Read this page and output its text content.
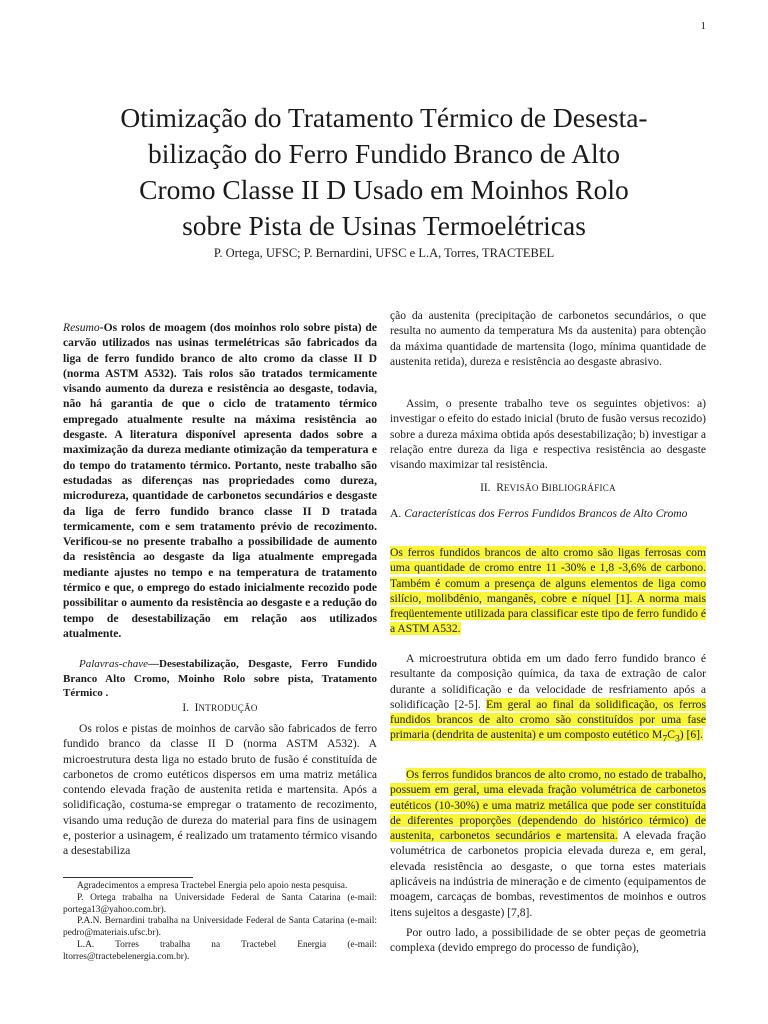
1
Otimização do Tratamento Térmico de Desesta-
bilização do Ferro Fundido Branco de Alto
Cromo Classe II D Usado em Moinhos Rolo
sobre Pista de Usinas Termoelétricas
P. Ortega, UFSC; P. Bernardini, UFSC e L.A, Torres, TRACTEBEL

Resumo-Os rolos de moagem (dos moinhos rolo sobre pista) de carvão utilizados nas usinas termelétricas são fabricados da liga de ferro fundido branco de alto cromo da classe II D (norma ASTM A532). Tais rolos são tratados termicamente visando aumento da dureza e resistência ao desgaste, todavia, não há garantia de que o ciclo de tratamento térmico empregado atualmente resulte na máxima resistência ao desgaste. A literatura disponível apresenta dados sobre a maximização da dureza mediante otimização da temperatura e do tempo do tratamento térmico. Portanto, neste trabalho são estudadas as diferenças nas propriedades como dureza, microdureza, quantidade de carbonetos secundários e desgaste da liga de ferro fundido branco classe II D tratada termicamente, com e sem tratamento prévio de recozimento. Verificou-se no presente trabalho a possibilidade de aumento da resistência ao desgaste da liga atualmente empregada mediante ajustes no tempo e na temperatura de tratamento térmico e que, o emprego do estado inicialmente recozido pode possibilitar o aumento da resistência ao desgaste e a redução do tempo de desestabilização em relação aos utilizados atualmente.

Palavras-chave—Desestabilização, Desgaste, Ferro Fundido Branco Alto Cromo, Moinho Rolo sobre pista, Tratamento Térmico .

I. INTRODUÇÃO

Os rolos e pistas de moinhos de carvão são fabricados de ferro fundido branco da classe II D (norma ASTM A532). A microestrutura desta liga no estado bruto de fusão é constituída de carbonetos de cromo eutéticos dispersos em uma matriz metálica contendo elevada fração de austenita retida e martensita. Após a solidificação, costuma-se empregar o tratamento de recozimento, visando uma redução de dureza do material para fins de usinagem e, posterior a usinagem, é realizado um tratamento térmico visando a desestabiliza

Agradecimentos a empresa Tractebel Energia pelo apoio nesta pesquisa.

P. Ortega trabalha na Universidade Federal de Santa Catarina (e-mail: portega13@yahoo.com.br).

P.A.N. Bernardini trabalha na Universidade Federal de Santa Catarina (e-mail: pedro@materiais.ufsc.br).

L.A. Torres trabalha na Tractebel Energia (e-mail: ltorres@tractebelenergia.com.br).

ção da austenita (precipitação de carbonetos secundários, o que resulta no aumento da temperatura Ms da austenita) para obtenção da máxima quantidade de martensita (logo, mínima quantidade de austenita retida), dureza e resistência ao desgaste abrasivo.

Assim, o presente trabalho teve os seguintes objetivos: a) investigar o efeito do estado inicial (bruto de fusão versus recozido) sobre a dureza máxima obtida após desestabilização; b) investigar a relação entre dureza da liga e respectiva resistência ao desgaste visando maximizar tal resistência.

II. REVISÃO BIBLIOGRÁFICA

A. Características dos Ferros Fundidos Brancos de Alto Cromo

Os ferros fundidos brancos de alto cromo são ligas ferrosas com uma quantidade de cromo entre 11 -30% e 1,8 -3,6% de carbono. Também é comum a presença de alguns elementos de liga como silício, molibdênio, manganês, cobre e níquel [1]. A norma mais freqüentemente utilizada para classificar este tipo de ferro fundido é a ASTM A532.

A microestrutura obtida em um dado ferro fundido branco é resultante da composição química, da taxa de extração de calor durante a solidificação e da velocidade de resfriamento após a solidificação [2-5]. Em geral ao final da solidificação, os ferros fundidos brancos de alto cromo são constituídos por uma fase primaria (dendrita de austenita) e um composto eutético $M_7C_3$) [6].

Os ferros fundidos brancos de alto cromo, no estado de trabalho, possuem em geral, uma elevada fração volumétrica de carbonetos eutéticos (10-30%) e uma matriz metálica que pode ser constituída de diferentes proporções (dependendo do histórico térmico) de austenita, carbonetos secundários e martensita. A elevada fração volumétrica de carbonetos propicia elevada dureza e, em geral, elevada resistência ao desgaste, o que torna estes materiais aplicáveis na indústria de mineração e de cimento (equipamentos de moagem, carcaças de bombas, revestimentos de moinhos e outros itens sujeitos a desgaste) [7,8].

Por outro lado, a possibilidade de se obter peças de geometria complexa (devido emprego do processo de fundição),
